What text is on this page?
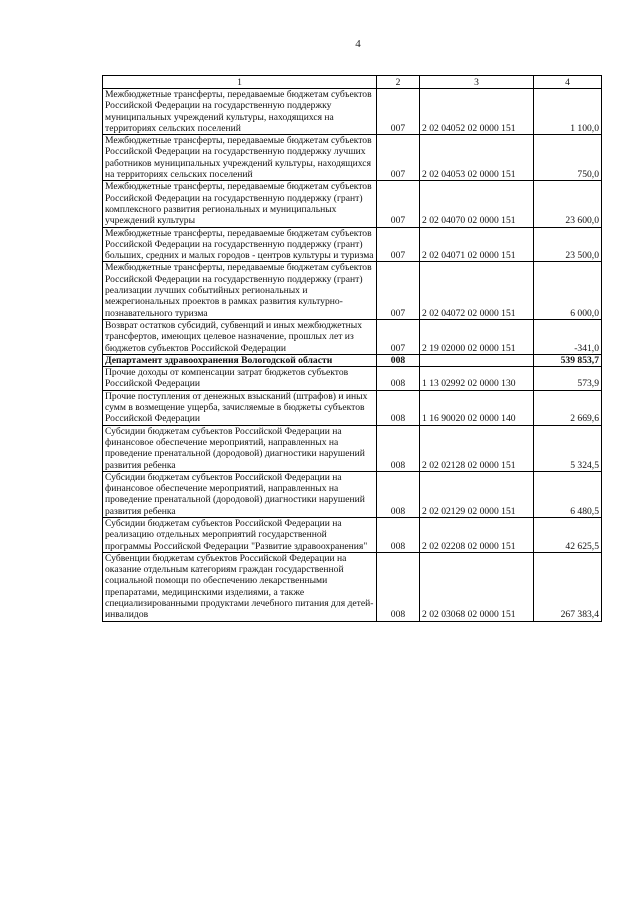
4
1	2	3	4
Межбюджетные трансферты, передаваемые бюджетам субъектов Российской Федерации на государственную поддержку муниципальных учреждений культуры, находящихся на территориях сельских поселений	007	2 02 04052 02 0000 151	1 100,0
Межбюджетные трансферты, передаваемые бюджетам субъектов Российской Федерации на государственную поддержку лучших работников муниципальных учреждений культуры, находящихся на территориях сельских поселений	007	2 02 04053 02 0000 151	750,0
Межбюджетные трансферты, передаваемые бюджетам субъектов Российской Федерации на государственную поддержку (грант) комплексного развития региональных и муниципальных учреждений культуры	007	2 02 04070 02 0000 151	23 600,0
Межбюджетные трансферты, передаваемые бюджетам субъектов Российской Федерации на государственную поддержку (грант) больших, средних и малых городов - центров культуры и туризма	007	2 02 04071 02 0000 151	23 500,0
Межбюджетные трансферты, передаваемые бюджетам субъектов Российской Федерации на государственную поддержку (грант) реализации лучших событийных региональных и межрегиональных проектов в рамках развития культурно-познавательного туризма	007	2 02 04072 02 0000 151	6 000,0
Возврат остатков субсидий, субвенций и иных межбюджетных трансфертов, имеющих целевое назначение, прошлых лет из бюджетов субъектов Российской Федерации	007	2 19 02000 02 0000 151	-341,0
Департамент здравоохранения Вологодской области	008		539 853,7
Прочие доходы от компенсации затрат бюджетов субъектов Российской Федерации	008	1 13 02992 02 0000 130	573,9
Прочие поступления от денежных взысканий (штрафов) и иных сумм в возмещение ущерба, зачисляемые в бюджеты субъектов Российской Федерации	008	1 16 90020 02 0000 140	2 669,6
Субсидии бюджетам субъектов Российской Федерации на финансовое обеспечение мероприятий, направленных на проведение пренатальной (дородовой) диагностики нарушений развития ребенка	008	2 02 02128 02 0000 151	5 324,5
Субсидии бюджетам субъектов Российской Федерации на финансовое обеспечение мероприятий, направленных на проведение пренатальной (дородовой) диагностики нарушений развития ребенка	008	2 02 02129 02 0000 151	6 480,5
Субсидии бюджетам субъектов Российской Федерации на реализацию отдельных мероприятий государственной программы Российской Федерации "Развитие здравоохранения"	008	2 02 02208 02 0000 151	42 625,5
Субвенции бюджетам субъектов Российской Федерации на оказание отдельным категориям граждан государственной социальной помощи по обеспечению лекарственными препаратами, медицинскими изделиями, а также специализированными продуктами лечебного питания для детей-инвалидов	008	2 02 03068 02 0000 151	267 383,4
